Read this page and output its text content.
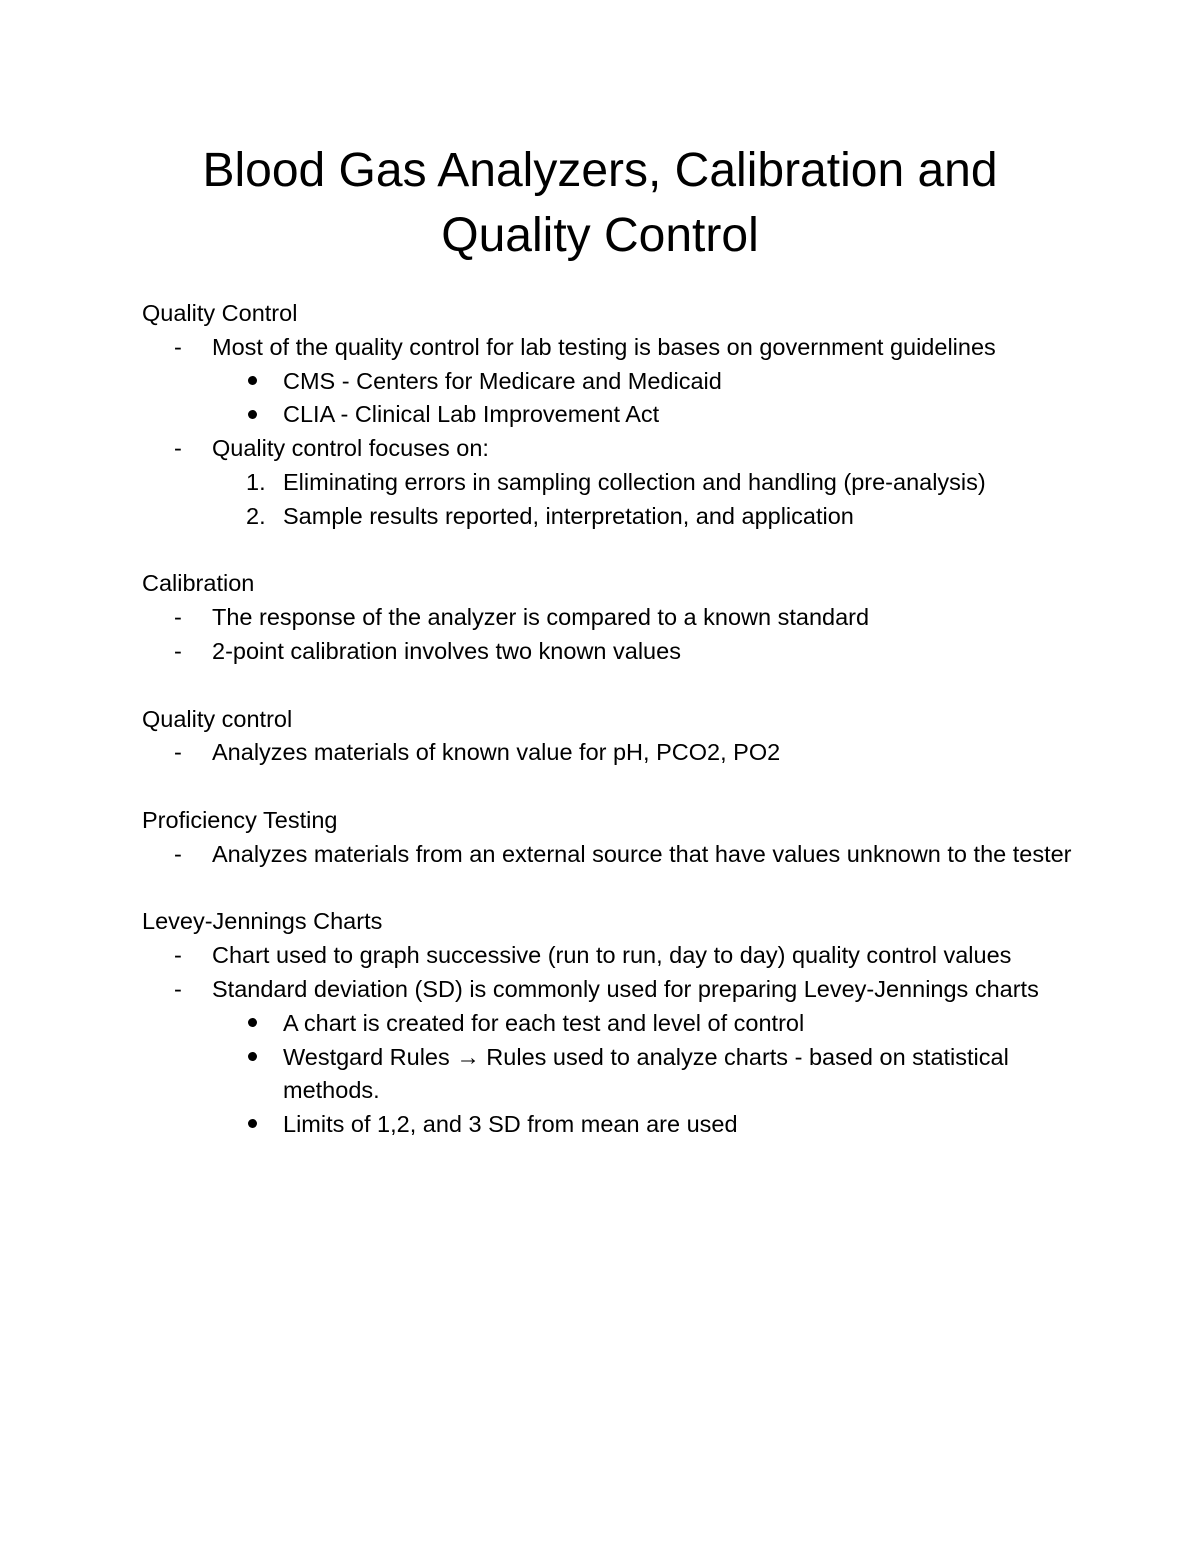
Blood Gas Analyzers, Calibration and
Quality Control
Quality Control
- Most of the quality control for lab testing is bases on government guidelines
CMS - Centers for Medicare and Medicaid
CLIA - Clinical Lab Improvement Act
- Quality control focuses on:
1. Eliminating errors in sampling collection and handling (pre-analysis)
2. Sample results reported, interpretation, and application
Calibration
- The response of the analyzer is compared to a known standard
- 2-point calibration involves two known values
Quality control
- Analyzes materials of known value for pH, PCO2, PO2
Proficiency Testing
- Analyzes materials from an external source that have values unknown to the tester
Levey-Jennings Charts
- Chart used to graph successive (run to run, day to day) quality control values
- Standard deviation (SD) is commonly used for preparing Levey-Jennings charts
A chart is created for each test and level of control
Westgard Rules → Rules used to analyze charts - based on statistical methods.
Limits of 1,2, and 3 SD from mean are used
